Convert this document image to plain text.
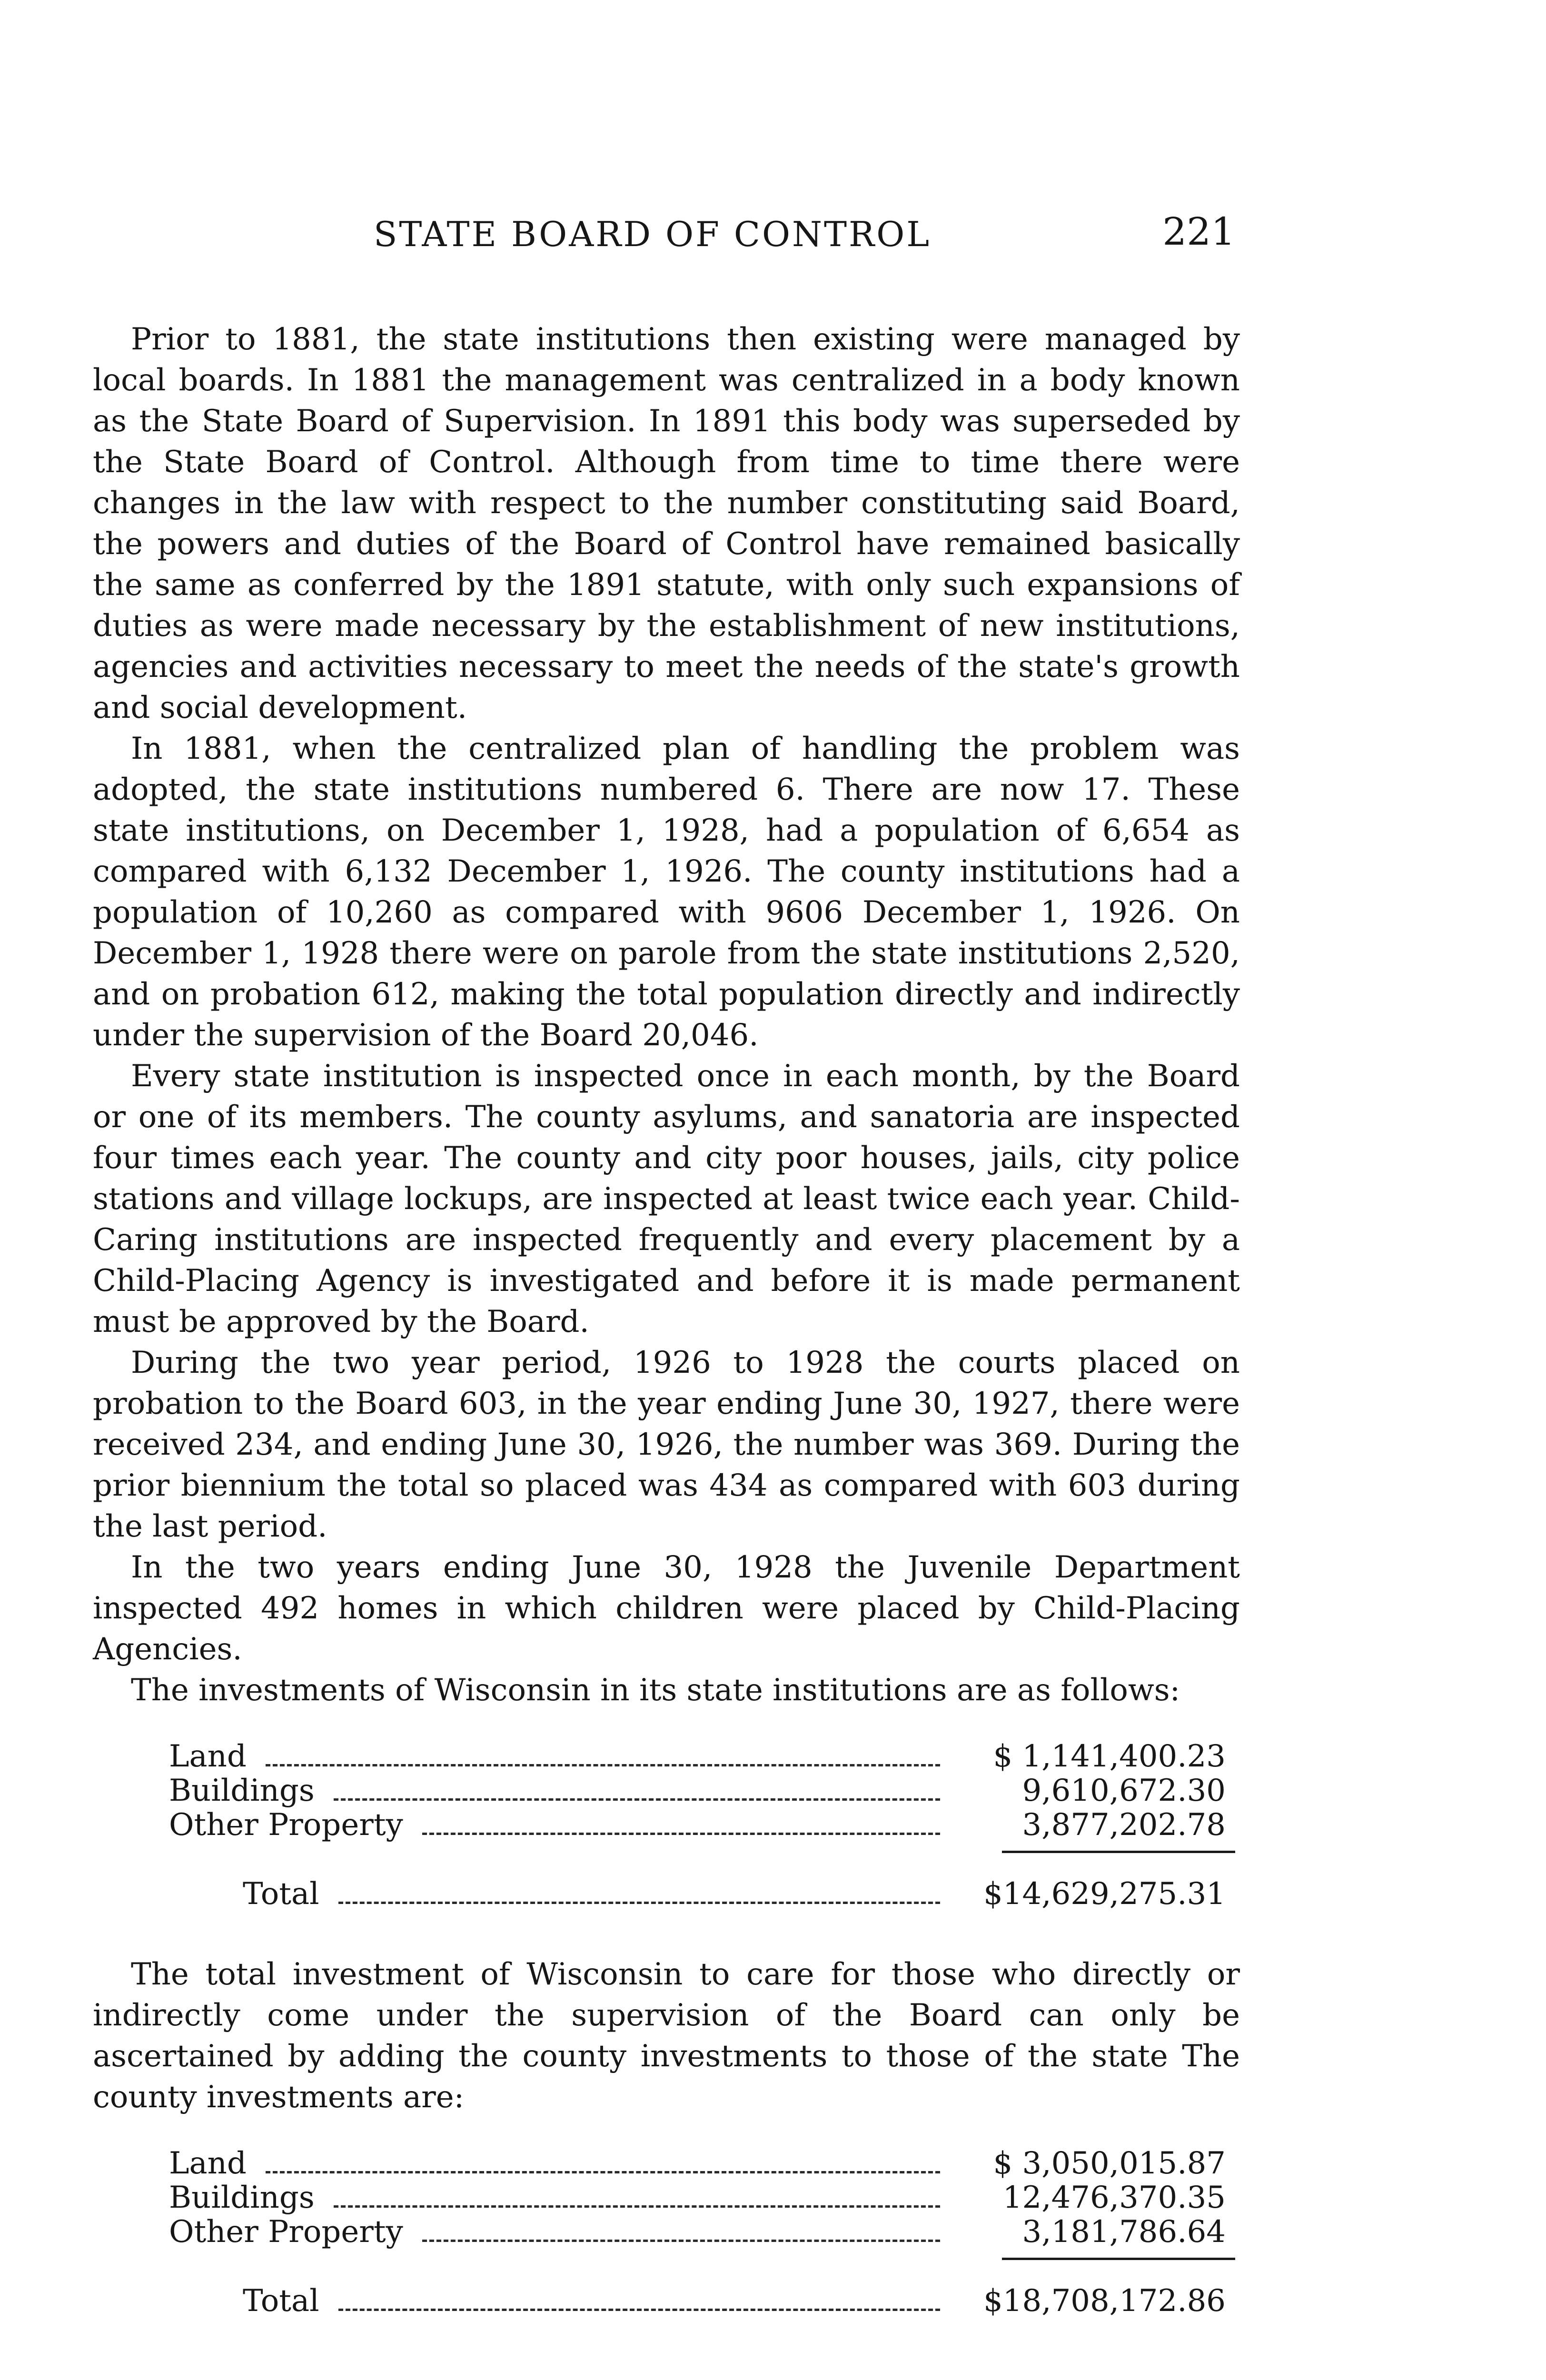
STATE BOARD OF CONTROL	221

Prior to 1881, the state institutions then existing were managed by local boards. In 1881 the management was centralized in a body known as the State Board of Supervision. In 1891 this body was superseded by the State Board of Control. Although from time to time there were changes in the law with respect to the number constituting said Board, the powers and duties of the Board of Control have remained basically the same as conferred by the 1891 statute, with only such expansions of duties as were made necessary by the establishment of new institutions, agencies and activities necessary to meet the needs of the state's growth and social development.

In 1881, when the centralized plan of handling the problem was adopted, the state institutions numbered 6. There are now 17. These state institutions, on December 1, 1928, had a population of 6,654 as compared with 6,132 December 1, 1926. The county institutions had a population of 10,260 as compared with 9606 December 1, 1926. On December 1, 1928 there were on parole from the state institutions 2,520, and on probation 612, making the total population directly and indirectly under the supervision of the Board 20,046.

Every state institution is inspected once in each month, by the Board or one of its members. The county asylums, and sanatoria are inspected four times each year. The county and city poor houses, jails, city police stations and village lockups, are inspected at least twice each year. Child-Caring institutions are inspected frequently and every placement by a Child-Placing Agency is investigated and before it is made permanent must be approved by the Board.

During the two year period, 1926 to 1928 the courts placed on probation to the Board 603, in the year ending June 30, 1927, there were received 234, and ending June 30, 1926, the number was 369. During the prior biennium the total so placed was 434 as compared with 603 during the last period.

In the two years ending June 30, 1928 the Juvenile Department inspected 492 homes in which children were placed by Child-Placing Agencies.

The investments of Wisconsin in its state institutions are as follows:

Land	$ 1,141,400.23
Buildings	9,610,672.30
Other Property	3,877,202.78
Total	$14,629,275.31

The total investment of Wisconsin to care for those who directly or indirectly come under the supervision of the Board can only be ascertained by adding the county investments to those of the state The county investments are:

Land	$ 3,050,015.87
Buildings	12,476,370.35
Other Property	3,181,786.64
Total	$18,708,172.86
